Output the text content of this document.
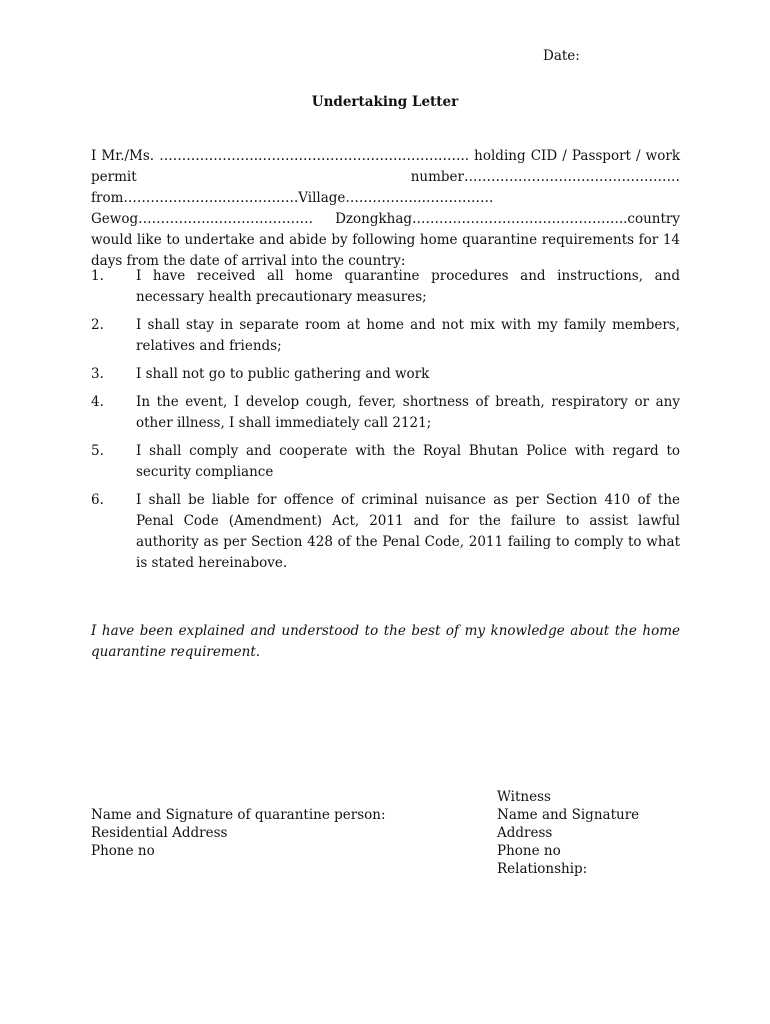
Date:
Undertaking Letter

I Mr./Ms. ………………….……………………………………….. holding CID / Passport / work permit number…………………………………………from…………………..…………….Village……………..……………. Gewog……………..…………………. Dzongkhag………………………………………...country would like to undertake and abide by following home quarantine requirements for 14 days from the date of arrival into the country:

1. I have received all home quarantine procedures and instructions, and necessary health precautionary measures;
2. I shall stay in separate room at home and not mix with my family members, relatives and friends;
3. I shall not go to public gathering and work
4. In the event, I develop cough, fever, shortness of breath, respiratory or any other illness, I shall immediately call 2121;
5. I shall comply and cooperate with the Royal Bhutan Police with regard to security compliance
6. I shall be liable for offence of criminal nuisance as per Section 410 of the Penal Code (Amendment) Act, 2011 and for the failure to assist lawful authority as per Section 428 of the Penal Code, 2011 failing to comply to what is stated hereinabove.
I have been explained and understood to the best of my knowledge about the home quarantine requirement.
Name and Signature of quarantine person:
Residential Address
Phone no
Witness
Name and Signature
Address
Phone no
Relationship:
